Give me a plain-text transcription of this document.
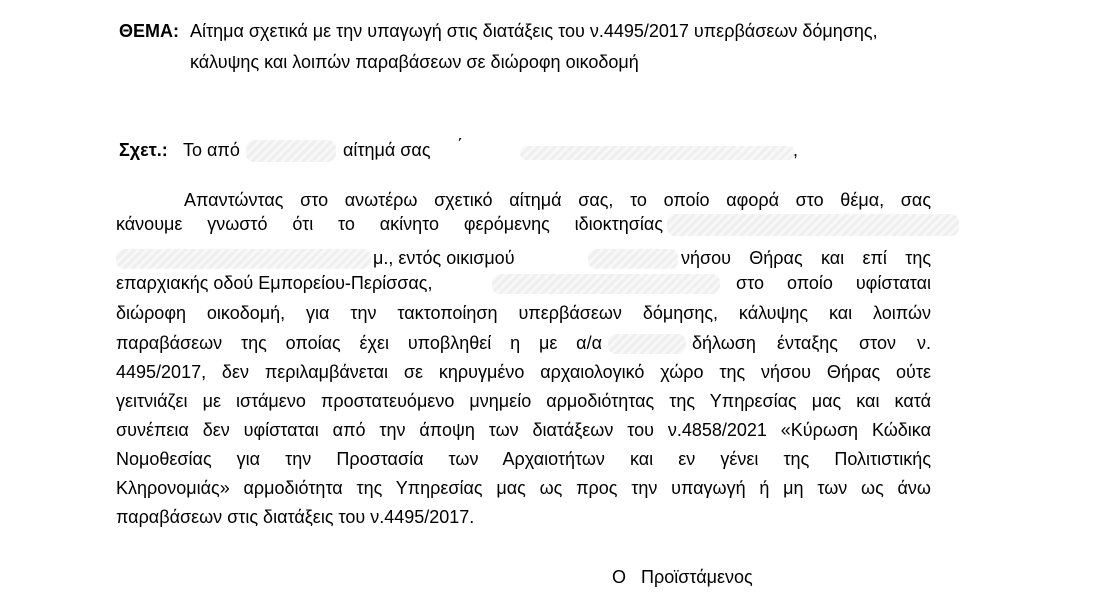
ΘΕΜΑ: Αίτημα σχετικά με την υπαγωγή στις διατάξεις του ν.4495/2017 υπερβάσεων δόμησης,
κάλυψης και λοιπών παραβάσεων σε διώροφη οικοδομή
Σχετ.: Το από	αίτημά σας ΄	,
Απαντώντας στο ανωτέρω σχετικό αίτημά σας, το οποίο αφορά στο θέμα, σας
κάνουμε γνωστό ότι το ακίνητο φερόμενης ιδιοκτησίας
μ., εντός οικισμού	νήσου Θήρας και επί της
επαρχιακής οδού Εμπορείου-Περίσσας,	στο οποίο υφίσταται
διώροφη οικοδομή, για την τακτοποίηση υπερβάσεων δόμησης, κάλυψης και λοιπών
παραβάσεων της οποίας έχει υποβληθεί η με α/α	δήλωση ένταξης στον ν.
4495/2017, δεν περιλαμβάνεται σε κηρυγμένο αρχαιολογικό χώρο της νήσου Θήρας ούτε
γειτνιάζει με ιστάμενο προστατευόμενο μνημείο αρμοδιότητας της Υπηρεσίας μας και κατά
συνέπεια δεν υφίσταται από την άποψη των διατάξεων του ν.4858/2021 «Κύρωση Κώδικα
Νομοθεσίας για την Προστασία των Αρχαιοτήτων και εν γένει της Πολιτιστικής
Κληρονομιάς» αρμοδιότητα της Υπηρεσίας μας ως προς την υπαγωγή ή μη των ως άνω
παραβάσεων στις διατάξεις του ν.4495/2017.
Ο Προϊστάμενος
